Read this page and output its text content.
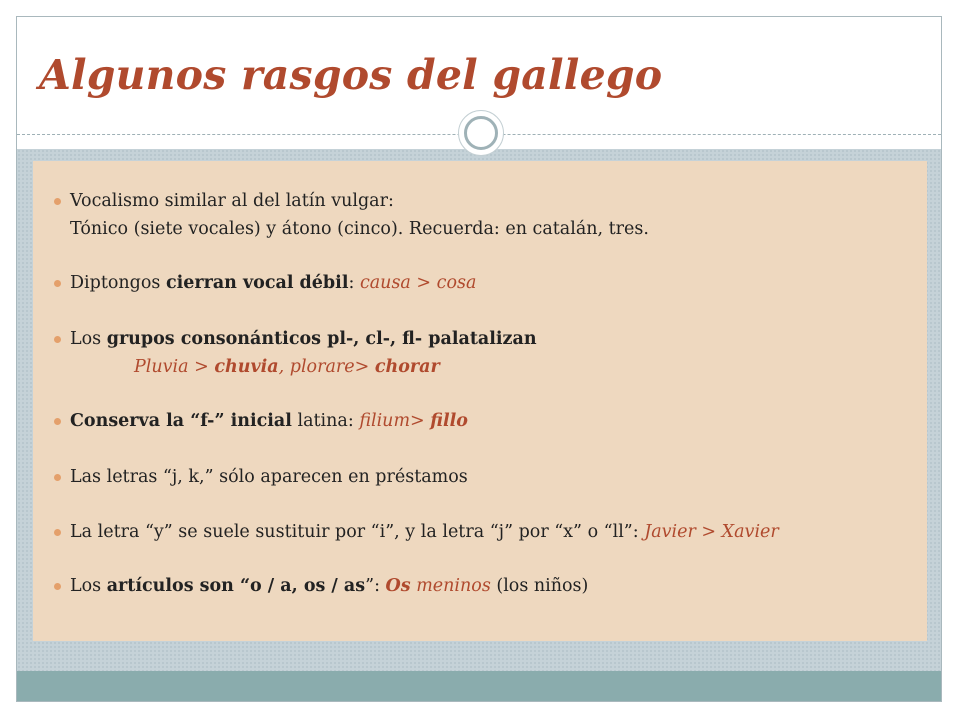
Algunos rasgos del gallego
Vocalismo similar al del latín vulgar:
Tónico (siete vocales) y átono (cinco). Recuerda: en catalán, tres.
Diptongos cierran vocal débil: causa > cosa
Los grupos consonánticos pl-, cl-, fl- palatalizan
Pluvia > chuvia, plorare> chorar
Conserva la “f-” inicial latina: filium> fillo
Las letras “j, k,” sólo aparecen en préstamos
La letra “y” se suele sustituir por “i”, y la letra “j” por “x” o “ll”: Javier > Xavier
Los artículos son “o / a, os / as”: Os meninos (los niños)
